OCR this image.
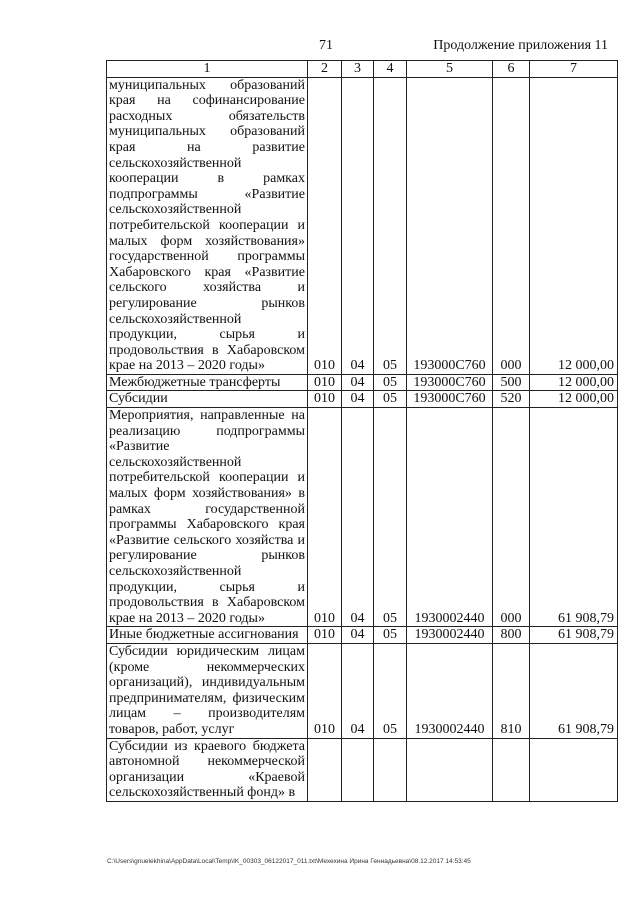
71	Продолжение приложения 11
1	2	3	4	5	6	7
муниципальных образований края на софинансирование расходных обязательств муниципальных образований края на развитие сельскохозяйственной кооперации в рамках подпрограммы «Развитие сельскохозяйственной потребительской кооперации и малых форм хозяйствования» государственной программы Хабаровского края «Развитие сельского хозяйства и регулирование рынков сельскохозяйственной продукции, сырья и продовольствия в Хабаровском крае на 2013 – 2020 годы»	010	04	05	193000С760	000	12 000,00
Межбюджетные трансферты	010	04	05	193000С760	500	12 000,00
Субсидии	010	04	05	193000С760	520	12 000,00
Мероприятия, направленные на реализацию подпрограммы «Развитие сельскохозяйственной потребительской кооперации и малых форм хозяйствования» в рамках государственной программы Хабаровского края «Развитие сельского хозяйства и регулирование рынков сельскохозяйственной продукции, сырья и продовольствия в Хабаровском крае на 2013 – 2020 годы»	010	04	05	1930002440	000	61 908,79
Иные бюджетные ассигнования	010	04	05	1930002440	800	61 908,79
Субсидии юридическим лицам (кроме некоммерческих организаций), индивидуальным предпринимателям, физическим лицам – производителям товаров, работ, услуг	010	04	05	1930002440	810	61 908,79
Субсидии из краевого бюджета автономной некоммерческой организации «Краевой сельскохозяйственный фонд» в						
C:\Users\gnuelekhina\AppData\Local\Temp\IK_00303_06122017_011.txt\Мехехина Ирина Геннадьевна\08.12.2017 14:53:45
